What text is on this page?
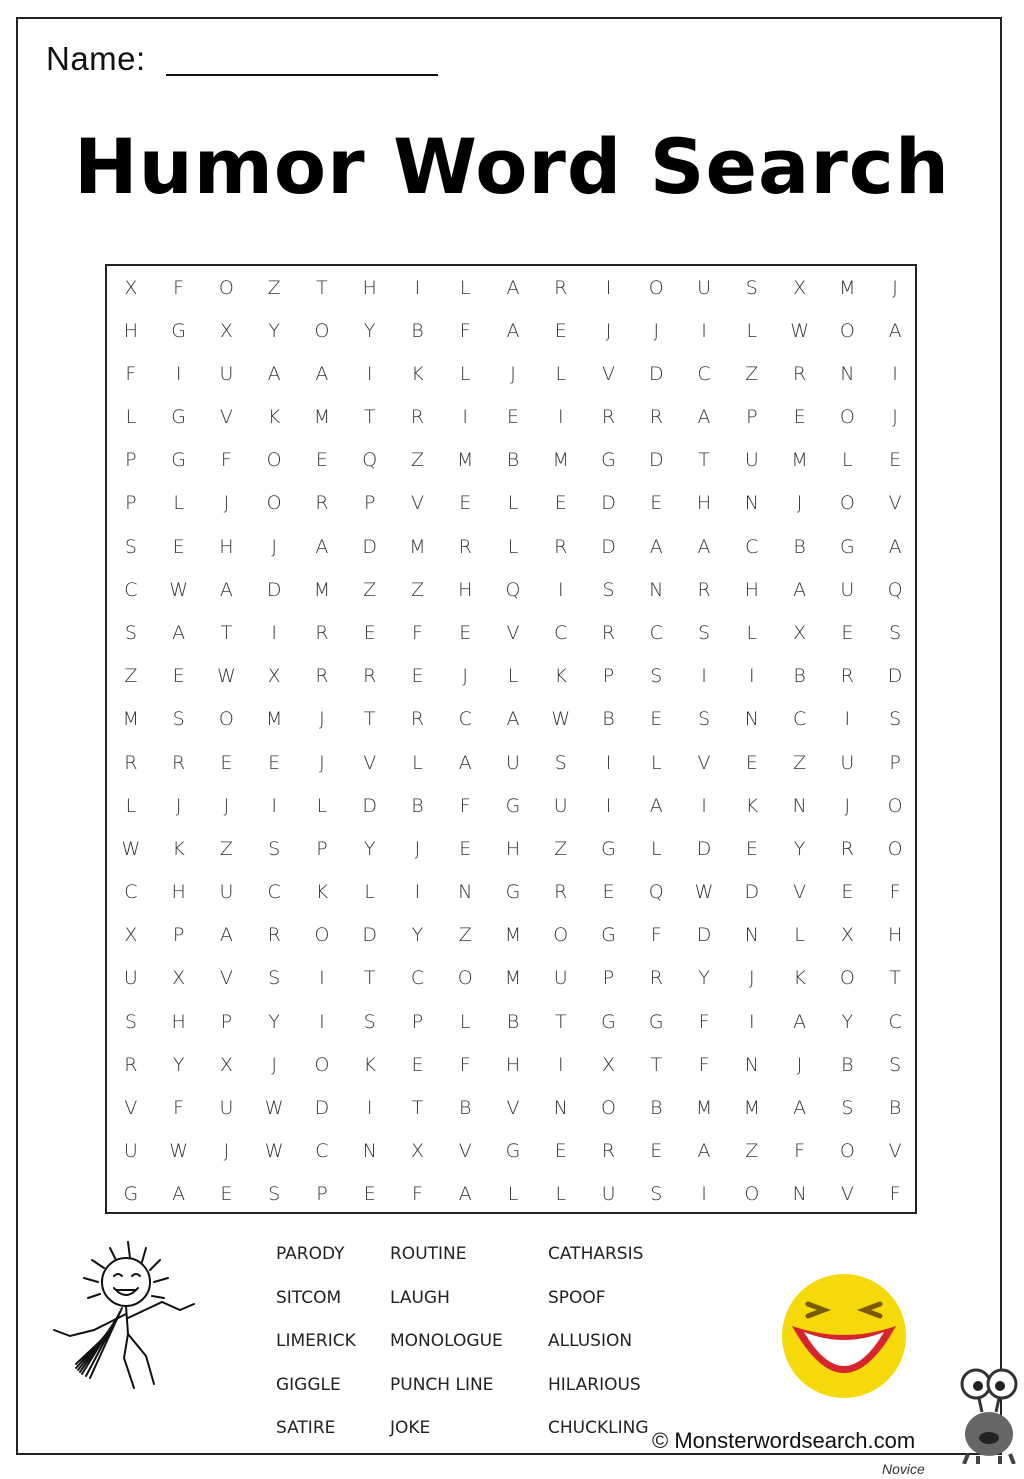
Name:
Humor Word Search
X	F	O	Z	T	H	I	L	A	R	I	O	U	S	X	M	J
H	G	X	Y	O	Y	B	F	A	E	J	J	I	L	W	O	A
F	I	U	A	A	I	K	L	J	L	V	D	C	Z	R	N	I
L	G	V	K	M	T	R	I	E	I	R	R	A	P	E	O	J
P	G	F	O	E	Q	Z	M	B	M	G	D	T	U	M	L	E
P	L	J	O	R	P	V	E	L	E	D	E	H	N	J	O	V
S	E	H	J	A	D	M	R	L	R	D	A	A	C	B	G	A
C	W	A	D	M	Z	Z	H	Q	I	S	N	R	H	A	U	Q
S	A	T	I	R	E	F	E	V	C	R	C	S	L	X	E	S
Z	E	W	X	R	R	E	J	L	K	P	S	I	I	B	R	D
M	S	O	M	J	T	R	C	A	W	B	E	S	N	C	I	S
R	R	E	E	J	V	L	A	U	S	I	L	V	E	Z	U	P
L	J	J	I	L	D	B	F	G	U	I	A	I	K	N	J	O
W	K	Z	S	P	Y	J	E	H	Z	G	L	D	E	Y	R	O
C	H	U	C	K	L	I	N	G	R	E	Q	W	D	V	E	F
X	P	A	R	O	D	Y	Z	M	O	G	F	D	N	L	X	H
U	X	V	S	I	T	C	O	M	U	P	R	Y	J	K	O	T
S	H	P	Y	I	S	P	L	B	T	G	G	F	I	A	Y	C
R	Y	X	J	O	K	E	F	H	I	X	T	F	N	J	B	S
V	F	U	W	D	I	T	B	V	N	O	B	M	M	A	S	B
U	W	J	W	C	N	X	V	G	E	R	E	A	Z	F	O	V
G	A	E	S	P	E	F	A	L	L	U	S	I	O	N	V	F
PARODY
SITCOM
LIMERICK
GIGGLE
SATIRE
ROUTINE
LAUGH
MONOLOGUE
PUNCH LINE
JOKE
CATHARSIS
SPOOF
ALLUSION
HILARIOUS
CHUCKLING © Monsterwordsearch.com
Novice
